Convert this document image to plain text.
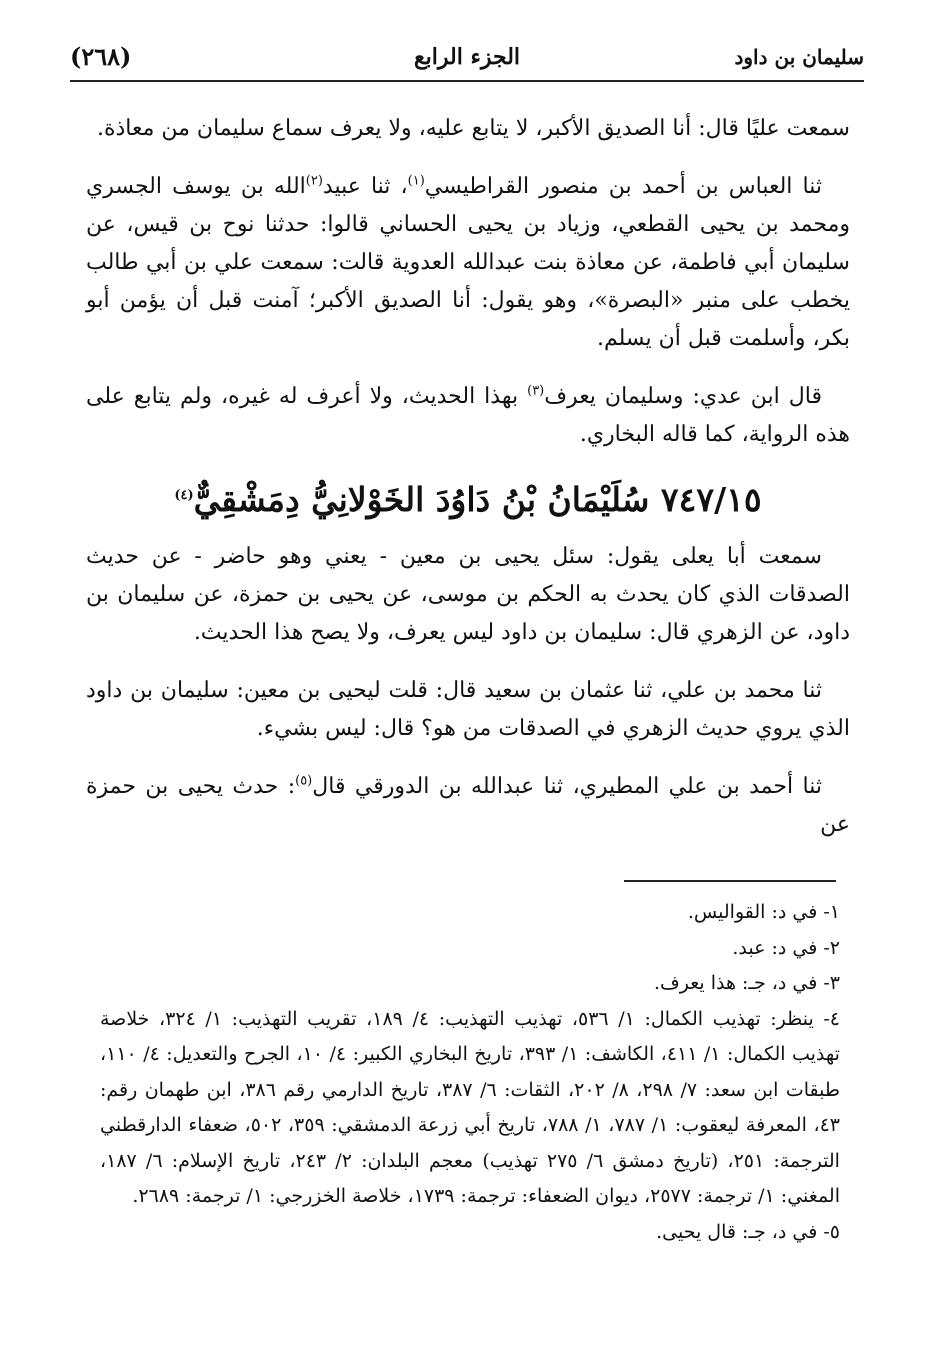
سليمان بن داود
الجزء الرابع
(٢٦٨)

سمعت عليًا قال: أنا الصديق الأكبر، لا يتابع عليه، ولا يعرف سماع سليمان من معاذة.

ثنا العباس بن أحمد بن منصور القراطيسي$^{(١)}$، ثنا عبيد$^{(٢)}$الله بن يوسف الجسري ومحمد بن يحيى القطعي، وزياد بن يحيى الحساني قالوا: حدثنا نوح بن قيس، عن سليمان أبي فاطمة، عن معاذة بنت عبدالله العدوية قالت: سمعت علي بن أبي طالب يخطب على منبر «البصرة»، وهو يقول: أنا الصديق الأكبر؛ آمنت قبل أن يؤمن أبو بكر، وأسلمت قبل أن يسلم.

قال ابن عدي: وسليمان يعرف$^{(٣)}$ بهذا الحديث، ولا أعرف له غيره، ولم يتابع على هذه الرواية، كما قاله البخاري.

٧٤٧/١٥ سُلَيْمَانُ بْنُ دَاوُدَ الخَوْلانِيُّ دِمَشْقِيٌّ$^{(٤)}$

سمعت أبا يعلى يقول: سئل يحيى بن معين - يعني وهو حاضر - عن حديث الصدقات الذي كان يحدث به الحكم بن موسى، عن يحيى بن حمزة، عن سليمان بن داود، عن الزهري قال: سليمان بن داود ليس يعرف، ولا يصح هذا الحديث.

ثنا محمد بن علي، ثنا عثمان بن سعيد قال: قلت ليحيى بن معين: سليمان بن داود الذي يروي حديث الزهري في الصدقات من هو؟ قال: ليس بشيء.

ثنا أحمد بن علي المطيري، ثنا عبدالله بن الدورقي قال$^{(٥)}$: حدث يحيى بن حمزة عن

١- في د: القواليس.

٢- في د: عبد.

٣- في د، جـ: هذا يعرف.

٤- ينظر: تهذيب الكمال: ١/ ٥٣٦، تهذيب التهذيب: ٤/ ١٨٩، تقريب التهذيب: ١/ ٣٢٤، خلاصة تهذيب الكمال: ١/ ٤١١، الكاشف: ١/ ٣٩٣، تاريخ البخاري الكبير: ٤/ ١٠، الجرح والتعديل: ٤/ ١١٠، طبقات ابن سعد: ٧/ ٢٩٨، ٨/ ٢٠٢، الثقات: ٦/ ٣٨٧، تاريخ الدارمي رقم ٣٨٦، ابن طهمان رقم: ٤٣، المعرفة ليعقوب: ١/ ٧٨٧، ١/ ٧٨٨، تاريخ أبي زرعة الدمشقي: ٣٥٩، ٥٠٢، ضعفاء الدارقطني الترجمة: ٢٥١، (تاريخ دمشق ٦/ ٢٧٥ تهذيب) معجم البلدان: ٢/ ٢٤٣، تاريخ الإسلام: ٦/ ١٨٧، المغني: ١/ ترجمة: ٢٥٧٧، ديوان الضعفاء: ترجمة: ١٧٣٩، خلاصة الخزرجي: ١/ ترجمة: ٢٦٨٩.

٥- في د، جـ: قال يحيى.
